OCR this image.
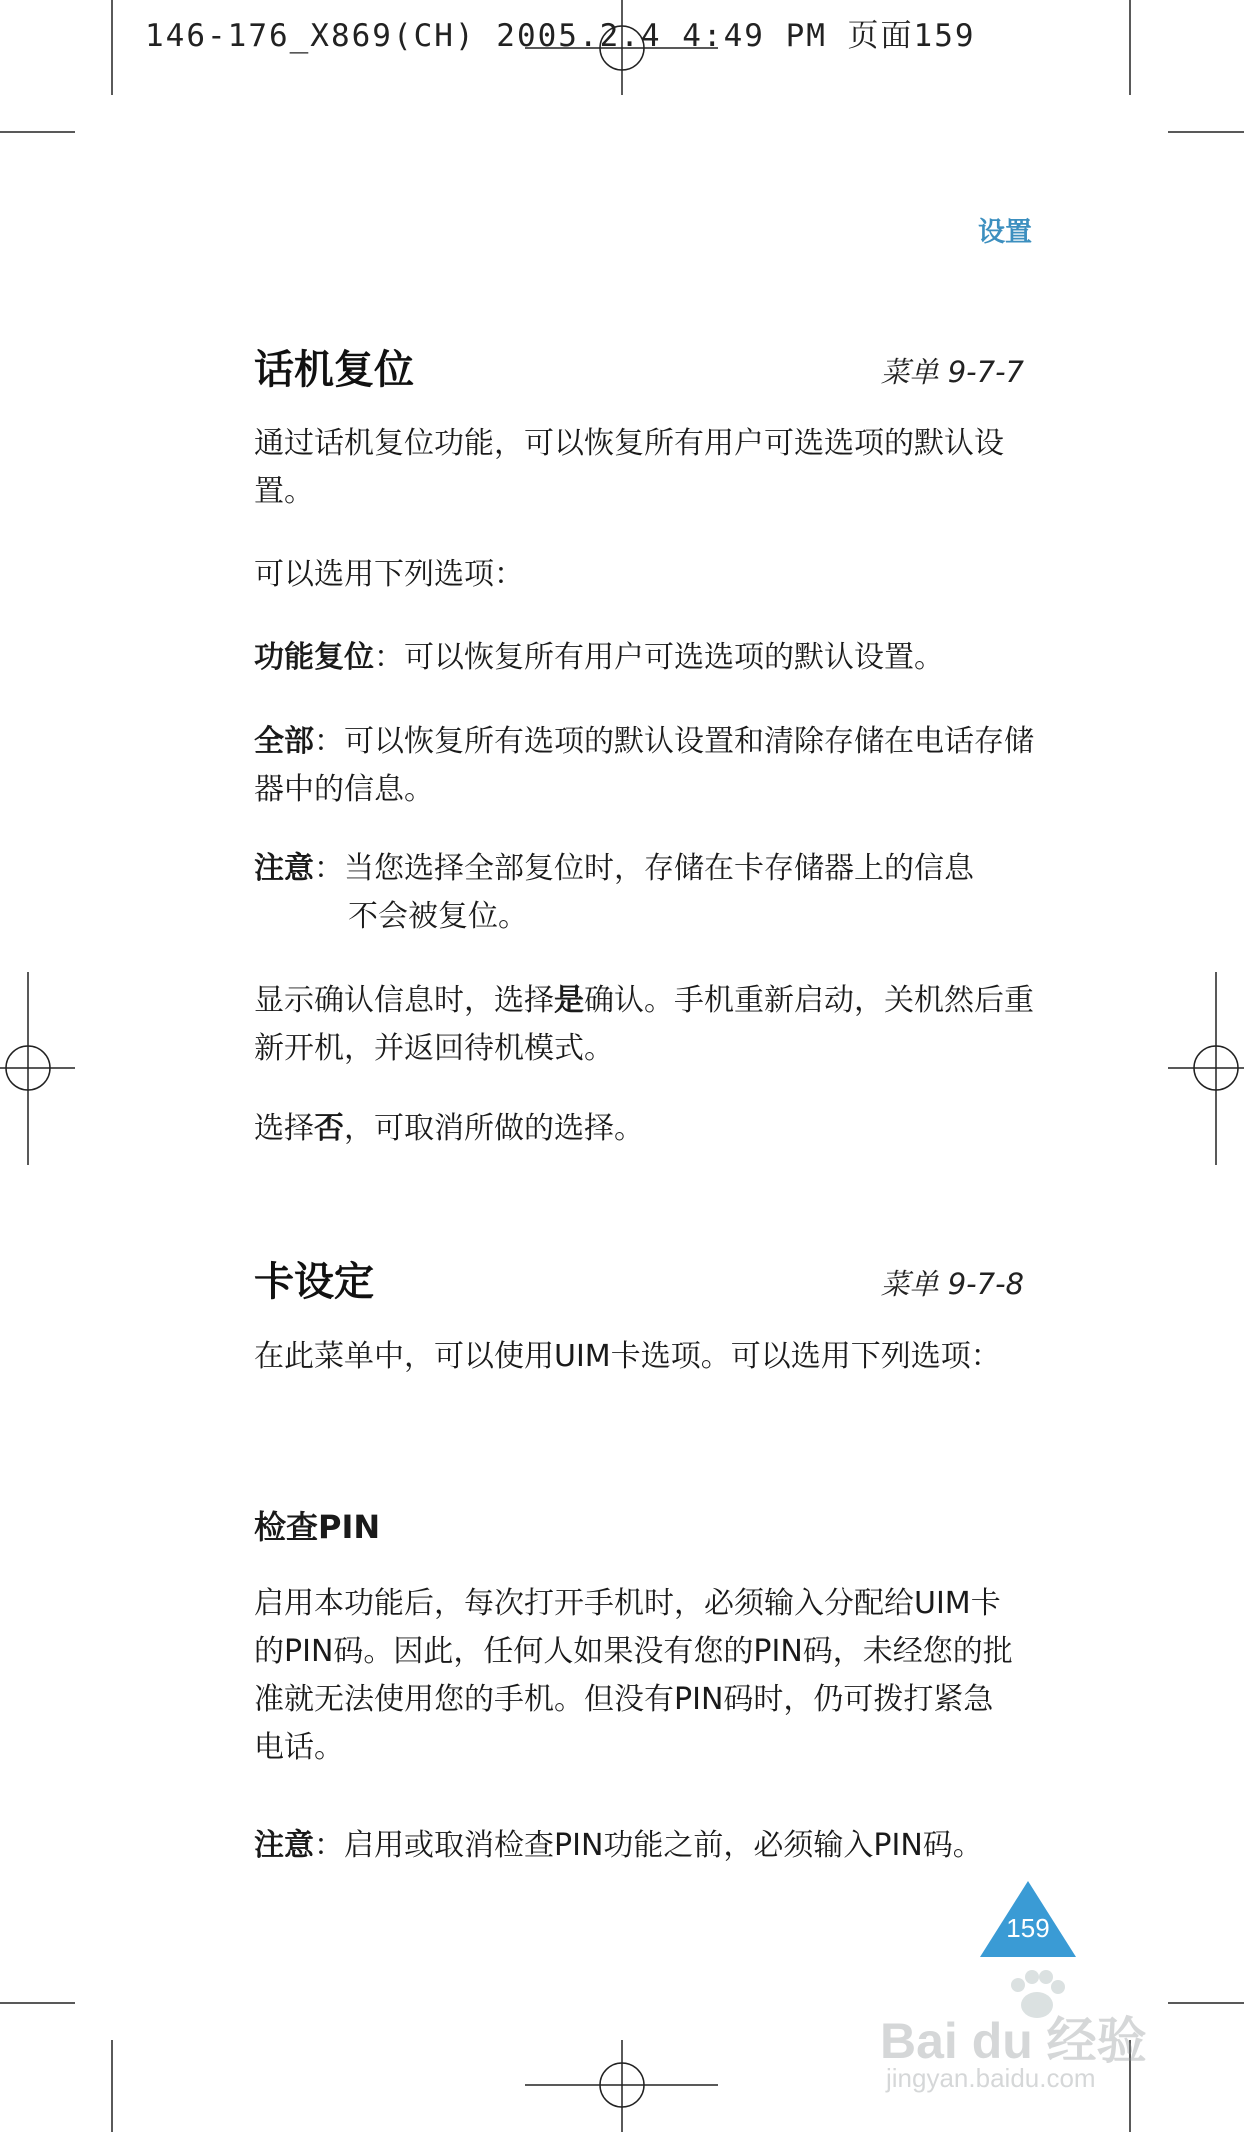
146-176_X869(CH) 2005.2.4 4:49 PM 页面159
设置
话机复位	菜单 9-7-7
通过话机复位功能，可以恢复所有用户可选选项的默认设置。
可以选用下列选项：
功能复位：可以恢复所有用户可选选项的默认设置。
全部：可以恢复所有选项的默认设置和清除存储在电话存储器中的信息。
注意：当您选择全部复位时，存储在卡存储器上的信息
不会被复位。
显示确认信息时，选择是确认。手机重新启动，关机然后重新开机，并返回待机模式。
选择否，可取消所做的选择。
卡设定	菜单 9-7-8
在此菜单中，可以使用UIM卡选项。可以选用下列选项：
检查PIN
启用本功能后，每次打开手机时，必须输入分配给UIM卡的PIN码。因此，任何人如果没有您的PIN码，未经您的批准就无法使用您的手机。但没有PIN码时，仍可拨打紧急电话。
注意：启用或取消检查PIN功能之前，必须输入PIN码。
159
Bai du 经验
jingyan.baidu.com
